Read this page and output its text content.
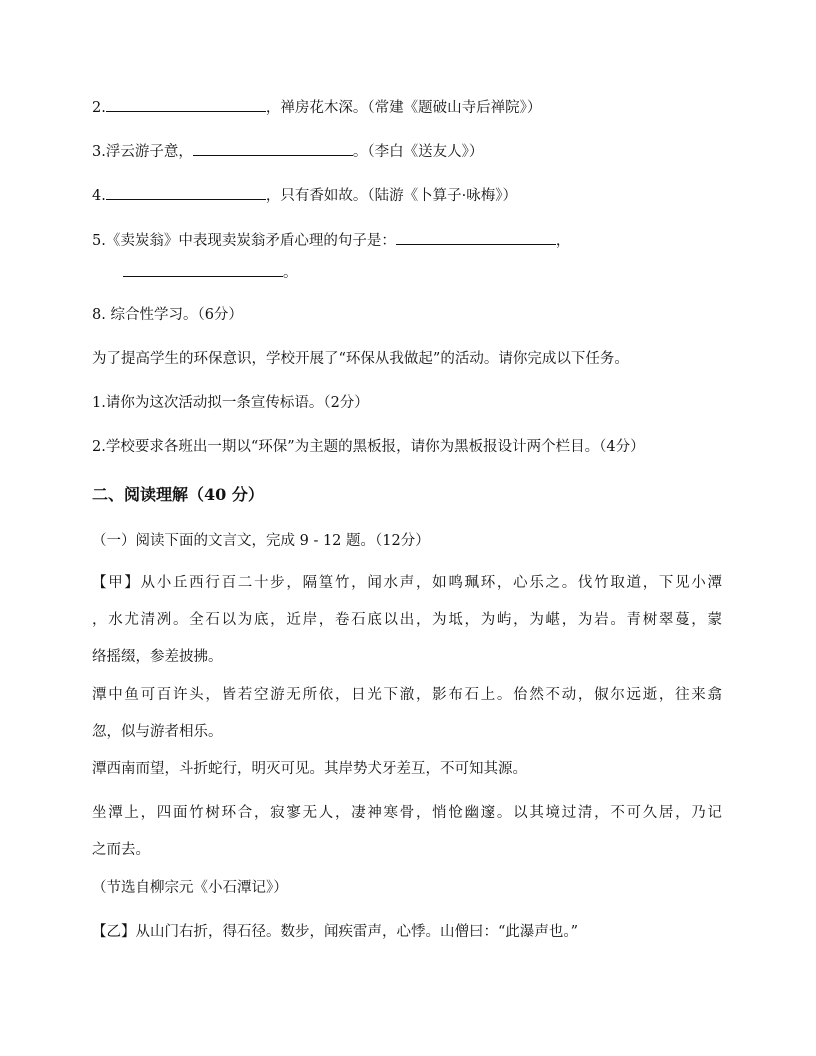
2.	，禅房花木深。（常建《题破山寺后禅院》）
3.浮云游子意，	。（李白《送友人》）
4.	，只有香如故。（陆游《卜算子·咏梅》）
5.《卖炭翁》中表现卖炭翁矛盾心理的句子是：	，
。
8. 综合性学习。（6分）
为了提高学生的环保意识，学校开展了“环保从我做起”的活动。请你完成以下任务。
1.请你为这次活动拟一条宣传标语。（2分）
2.学校要求各班出一期以“环保”为主题的黑板报，请你为黑板报设计两个栏目。（4分）
二、阅读理解（40 分）
（一）阅读下面的文言文，完成 9 - 12 题。（12分）
【甲】从小丘西行百二十步，隔篁竹，闻水声，如鸣珮环，心乐之。伐竹取道，下见小潭
，水尤清冽。全石以为底，近岸，卷石底以出，为坻，为屿，为嵁，为岩。青树翠蔓，蒙
络摇缀，参差披拂。
潭中鱼可百许头，皆若空游无所依，日光下澈，影布石上。佁然不动，俶尔远逝，往来翕
忽，似与游者相乐。
潭西南而望，斗折蛇行，明灭可见。其岸势犬牙差互，不可知其源。
坐潭上，四面竹树环合，寂寥无人，凄神寒骨，悄怆幽邃。以其境过清，不可久居，乃记
之而去。
（节选自柳宗元《小石潭记》）
【乙】从山门右折，得石径。数步，闻疾雷声，心悸。山僧曰：“此瀑声也。”
